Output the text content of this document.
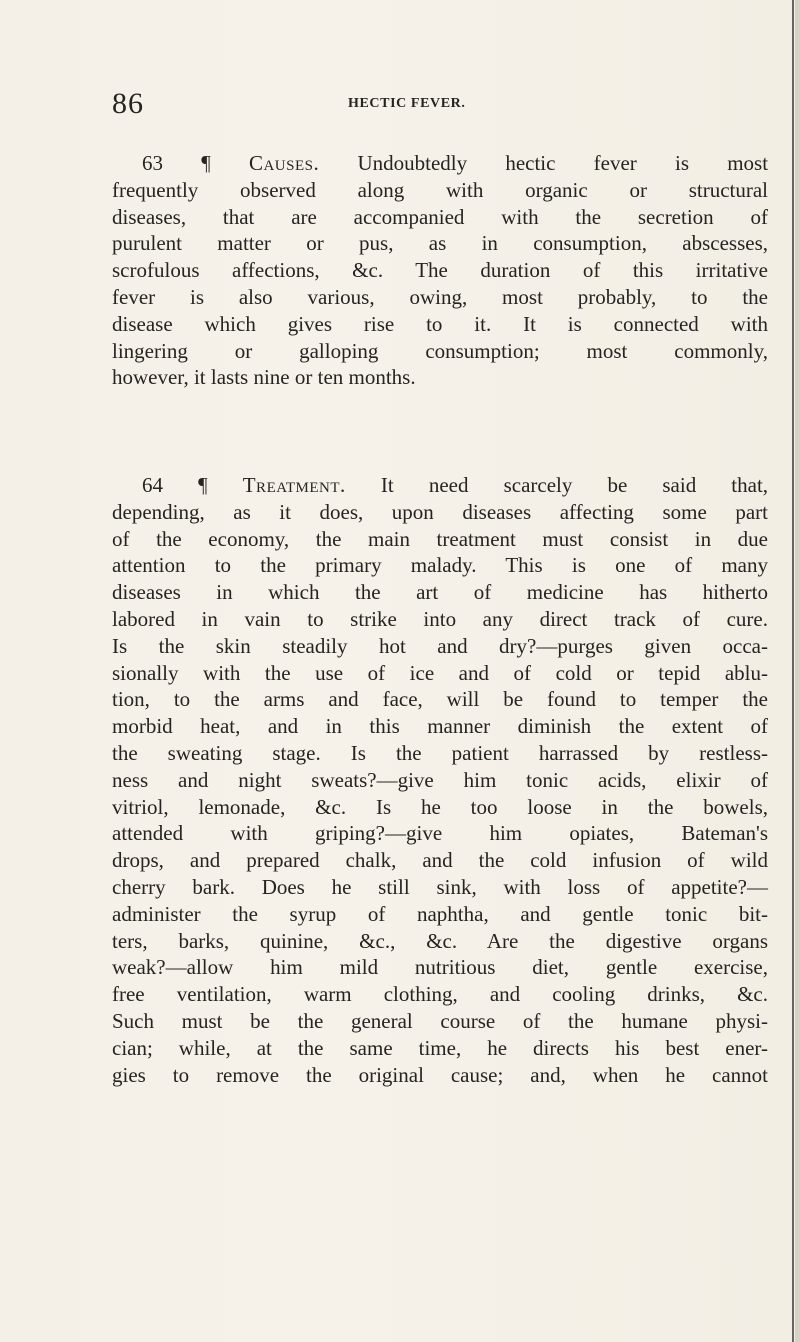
86	HECTIC FEVER.
63 ¶ Causes. Undoubtedly hectic fever is most
frequently observed along with organic or structural
diseases, that are accompanied with the secretion of
purulent matter or pus, as in consumption, abscesses,
scrofulous affections, &c. The duration of this irritative
fever is also various, owing, most probably, to the
disease which gives rise to it. It is connected with
lingering or galloping consumption; most commonly,
however, it lasts nine or ten months.
64 ¶ Treatment. It need scarcely be said that,
depending, as it does, upon diseases affecting some part
of the economy, the main treatment must consist in due
attention to the primary malady. This is one of many
diseases in which the art of medicine has hitherto
labored in vain to strike into any direct track of cure.
Is the skin steadily hot and dry?—purges given occa-
sionally with the use of ice and of cold or tepid ablu-
tion, to the arms and face, will be found to temper the
morbid heat, and in this manner diminish the extent of
the sweating stage. Is the patient harrassed by restless-
ness and night sweats?—give him tonic acids, elixir of
vitriol, lemonade, &c. Is he too loose in the bowels,
attended with griping?—give him opiates, Bateman's
drops, and prepared chalk, and the cold infusion of wild
cherry bark. Does he still sink, with loss of appetite?—
administer the syrup of naphtha, and gentle tonic bit-
ters, barks, quinine, &c., &c. Are the digestive organs
weak?—allow him mild nutritious diet, gentle exercise,
free ventilation, warm clothing, and cooling drinks, &c.
Such must be the general course of the humane physi-
cian; while, at the same time, he directs his best ener-
gies to remove the original cause; and, when he cannot
